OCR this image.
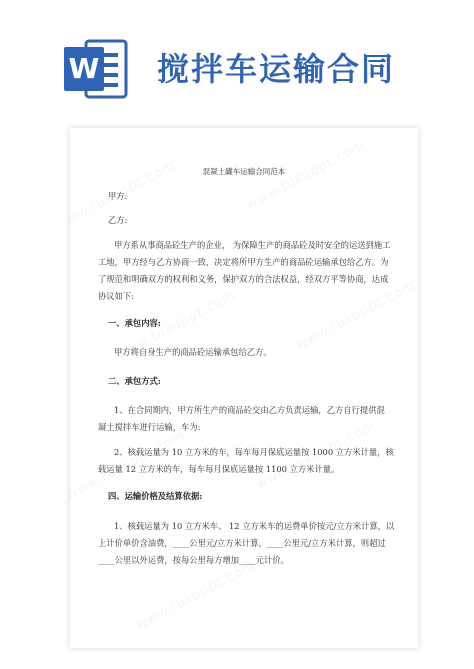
W 搅拌车运输合同
混凝土罐车运输合同范本
甲方:
乙方:
甲方系从事商品砼生产的企业， 为保障生产的商品砼及时安全的运送到施工
工地，甲方经与乙方协商一致，决定将所甲方生产的商品砼运输承包给乙方。为
了规范和明确双方的权利和义务，保护双方的合法权益，经双方平等协商，达成
协议如下:
一、承包内容:
甲方将自身生产的商品砼运输承包给乙方。
二、承包方式:
1、在合同期内，甲方所生产的商品砼交由乙方负责运输，乙方自行提供混
凝土搅拌车进行运输，车为:
2、核载运量为 10 立方米的车，每车每月保底运量按 1000 立方米计量，核
载运量 12 立方米的车，每车每月保底运量按 1100 立方米计量。
四、运输价格及结算依据:
1、核载运量为 10 立方米车、 12 立方米车的运费单价按元/立方米计算，以
上计价单价含油费，____公里元/立方米计算，____公里元/立方米计算，则超过
____公里以外运费，按每公里每方增加____元计价。
